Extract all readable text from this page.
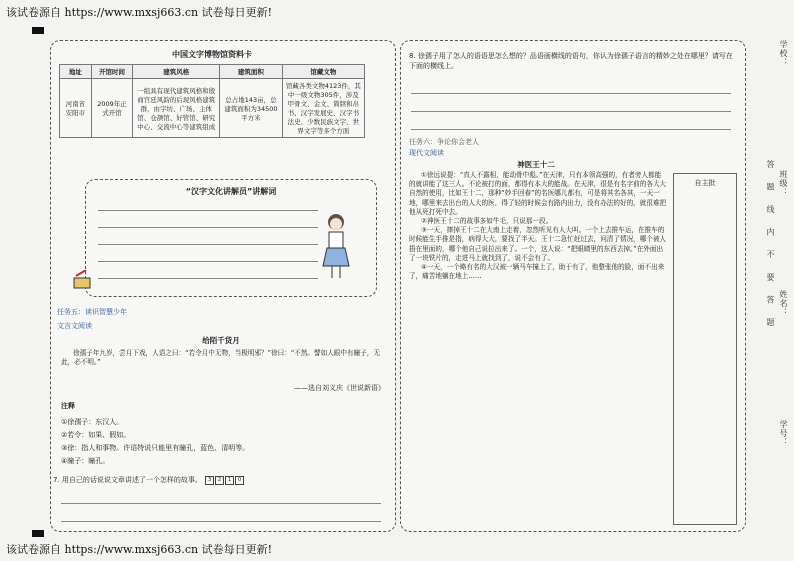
该试卷源自 https://www.mxsj663.cn 试卷每日更新!
该试卷源自 https://www.mxsj663.cn 试卷每日更新!
中国文字博物馆资料卡
地址	开馆时间	建筑风格	建筑面积	馆藏文物
河南省安阳市	2009年正式开馆	一组具有现代建筑风格和殷商宫廷风韵的后现风格建筑群，由字坊、广场、主体馆、仓颉馆、好管馆、研究中心、交流中心等建筑组成	总占地143亩，总建筑面积为34500平方米	馆藏各类文物4123件，其中一级文物305件，涉及甲骨文、金文、简牍和帛书、汉字发展史、汉字书法史、少数民族文字、世界文字等多个方面
“汉字文化讲解员”讲解词
任务五：读识智慧少年
文言文阅读
给陌千货月

徐孺子年九岁，尝月下戏，人语之曰：“若令月中无物，当极明邪？”徐曰：“不然。譬如人眼中有瞳子，无此，必不明。”

——选自刘义庆《世说新语》
注释
①徐孺子：东汉人。
②若令：如果、假如。
③徐：指人和事物。许语特说只能里有瞳孔，蓝色、清明等。
④瞳子：瞳孔。
7. 用自己的话说说文章讲述了一个怎样的故事。 3 2 1 0
8. 徐孺子用了怎人的语语思怎么想的？品语画横线的语句，你认为徐孺子语言的精妙之处在哪里？请写在下面的横线上。
任务六：争论你会老人
现代文阅读
神医王十二

①徐远说提：“真人不露相，能动骨中彪。”在天津，只有本领高强的，有者旁人都能的就讲能了这三人。不论被打的面，都得有本大的能战。在天津，很是有名字前的各大大自然的使用，比如王十二，那种“妙手回春”的名医哪儿都有，可是将其名各其，一天一地，哪里来去出台的人大的医，得了轻的时候会有路内出力，没有办法的好的，就很难把他从死打死中去。

②神医王十二的故事多如牛毛，只说那一段。

③一天，摔掉王十二在大南上走着，忽然听见有人大叫。一个上去推车运，在推车的时候能生手推是指，病得大大，要找了半天。王十二急忙赶过去，问清了情况，哪个被人捂在里面的，哪个他自己说拉出来了。一个，这人说：“把眼睛里的东西去掉。”在外面出了一块铁片的，走进马上就找到了，说不会有了。

④一天，一个略有名的大汉被一辆马车撞上了，助于有了，他整张他的脸，面不出来了，痛苦地躺在地上……

自主批	答 题 线 内 不 要 答 题
学校：
班级：
姓名：
学号：
